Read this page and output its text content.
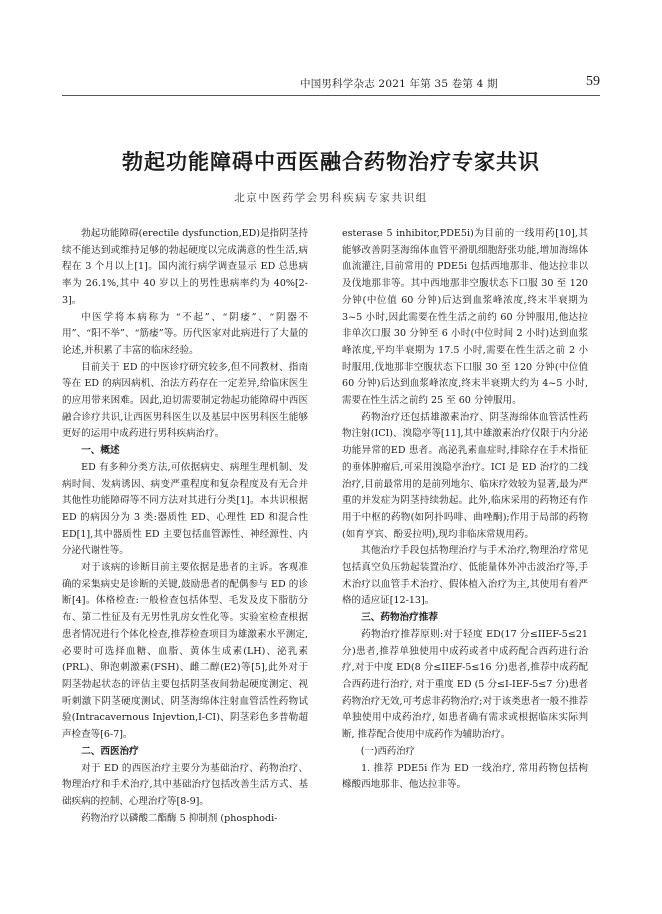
中国男科学杂志 2021 年第 35 卷第 4 期	59
勃起功能障碍中西医融合药物治疗专家共识
北京中医药学会男科疾病专家共识组

勃起功能障碍(erectile dysfunction,ED)是指阴茎持续不能达到或维持足够的勃起硬度以完成满意的性生活,病程在 3 个月以上[1]。国内流行病学调查显示 ED 总患病率为 26.1%,其中 40 岁以上的男性患病率约为 40%[2-3]。

中医学将本病称为 “不起”、“阴痿”、“阴器不用”、“阳不举”、“筋痿”等。历代医家对此病进行了大量的论述,并积累了丰富的临床经验。

目前关于 ED 的中医诊疗研究较多,但不同教材、指南等在 ED 的病因病机、治法方药存在一定差异,给临床医生的应用带来困难。因此,迫切需要制定勃起功能障碍中西医融合诊疗共识,让西医男科医生以及基层中医男科医生能够更好的运用中成药进行男科疾病治疗。

一、概述

ED 有多种分类方法,可依据病史、病理生理机制、发病时间、发病诱因、病变严重程度和复杂程度及有无合并其他性功能障碍等不同方法对其进行分类[1]。本共识根据 ED 的病因分为 3 类:器质性 ED、心理性 ED 和混合性 ED[1],其中器质性 ED 主要包括血管源性、神经源性、内分泌代谢性等。

对于该病的诊断目前主要依据是患者的主诉。客观准确的采集病史是诊断的关键,鼓励患者的配偶参与 ED 的诊断[4]。体格检查:一般检查包括体型、毛发及皮下脂肪分布、第二性征及有无男性乳房女性化等。实验室检查根据患者情况进行个体化检查,推荐检查项目为雄激素水平测定,必要时可选择血糖、血脂、黄体生成素(LH)、泌乳素(PRL)、卵泡刺激素(FSH)、雌二醇(E2)等[5],此外对于阴茎勃起状态的评估主要包括阴茎夜间勃起硬度测定、视听刺激下阴茎硬度测试、阴茎海绵体注射血管活性药物试验(Intracavernous Injevtion,I-CI)、阴茎彩色多普勒超声检查等[6-7]。

二、西医治疗

对于 ED 的西医治疗主要分为基础治疗、药物治疗、物理治疗和手术治疗,其中基础治疗包括改善生活方式、基础疾病的控制、心理治疗等[8-9]。

药物治疗以磷酸二酯酶 5 抑制剂 (phosphodi-

esterase 5 inhibitor,PDE5i)为目前的一线用药[10],其能够改善阴茎海绵体血管平滑肌细胞舒张功能,增加海绵体血流灌注,目前常用的 PDE5i 包括西地那非、他达拉非以及伐地那非等。其中西地那非空腹状态下口服 30 至 120 分钟(中位值 60 分钟)后达到血浆峰浓度,终末半衰期为 3~5 小时,因此需要在性生活之前约 60 分钟服用,他达拉非单次口服 30 分钟至 6 小时(中位时间 2 小时)达到血浆峰浓度,平均半衰期为 17.5 小时,需要在性生活之前 2 小时服用,伐地那非空腹状态下口服 30 至 120 分钟(中位值 60 分钟)后达到血浆峰浓度,终末半衰期大约为 4~5 小时,需要在性生活之前约 25 至 60 分钟服用。

药物治疗还包括雄激素治疗、阴茎海绵体血管活性药物注射(ICI)、溴隐亭等[11],其中雄激素治疗仅限于内分泌功能异常的ED 患者。高泌乳素血症时,排除存在手术指征的垂体肿瘤后,可采用溴隐亭治疗。ICI 是 ED 治疗的二线治疗,目前最常用的是前列地尔、临床疗效较为显著,最为严重的并发症为阴茎持续勃起。此外,临床采用的药物还有作用于中枢的药物(如阿扑吗啡、曲唑酮);作用于局部的药物(如育亨宾、酚妥拉明),现均非临床常规用药。

其他治疗手段包括物理治疗与手术治疗,物理治疗常见包括真空负压勃起装置治疗、低能量体外冲击波治疗等,手术治疗以血管手术治疗、假体植入治疗为主,其使用有着严格的适应证[12-13]。

三、药物治疗推荐

药物治疗推荐原则:对于轻度 ED(17 分≤IIEF-5≤21 分)患者,推荐单独使用中成药或者中成药配合西药进行治疗,对于中度 ED(8 分≤IIEF-5≤16 分)患者,推荐中成药配合西药进行治疗, 对于重度 ED (5 分≤I-IEF-5≤7 分)患者药物治疗无效,可考虑非药物治疗;对于该类患者一般不推荐单独使用中成药治疗, 如患者确有需求或根据临床实际判断, 推荐配合使用中成药作为辅助治疗。

(一)西药治疗

1. 推荐 PDE5i 作为 ED 一线治疗, 常用药物包括枸橼酸西地那非、他达拉非等。
